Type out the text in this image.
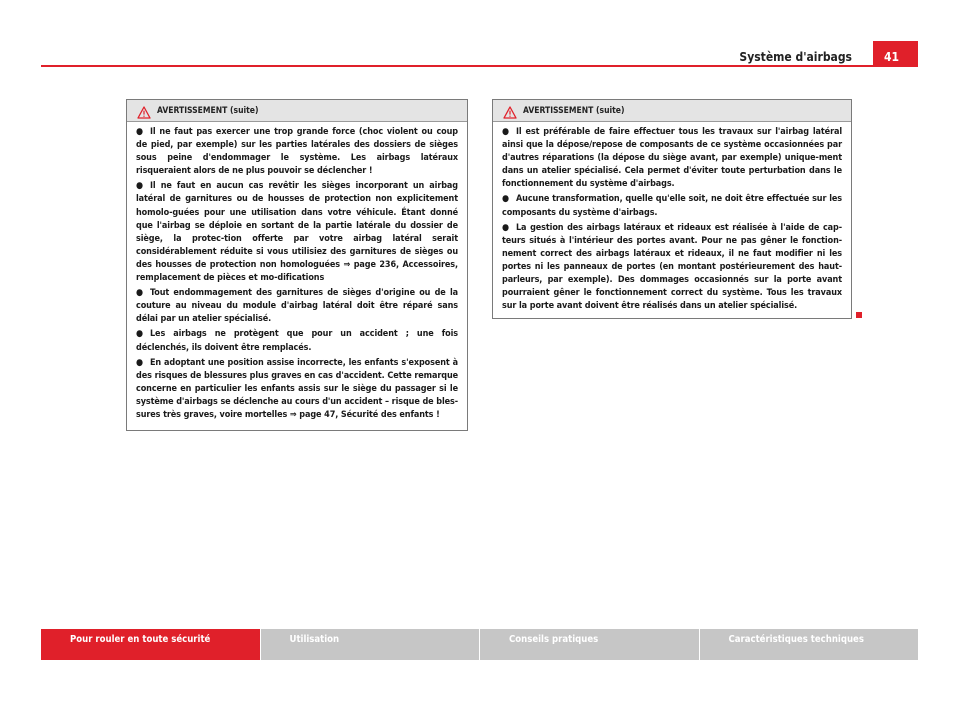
Système d'airbags	41
AVERTISSEMENT (suite)

● Il ne faut pas exercer une trop grande force (choc violent ou coup de pied, par exemple) sur les parties latérales des dossiers de sièges sous peine d'endommager le système. Les airbags latéraux risqueraient alors de ne plus pouvoir se déclencher !

● Il ne faut en aucun cas revêtir les sièges incorporant un airbag latéral de garnitures ou de housses de protection non explicitement homolo-guées pour une utilisation dans votre véhicule. Étant donné que l'airbag se déploie en sortant de la partie latérale du dossier de siège, la protec-tion offerte par votre airbag latéral serait considérablement réduite si vous utilisiez des garnitures de sièges ou des housses de protection non homologuées ⇒ page 236, Accessoires, remplacement de pièces et mo-difications

● Tout endommagement des garnitures de sièges d'origine ou de la couture au niveau du module d'airbag latéral doit être réparé sans délai par un atelier spécialisé.

● Les airbags ne protègent que pour un accident ; une fois déclenchés, ils doivent être remplacés.

● En adoptant une position assise incorrecte, les enfants s'exposent à des risques de blessures plus graves en cas d'accident. Cette remarque concerne en particulier les enfants assis sur le siège du passager si le système d'airbags se déclenche au cours d'un accident – risque de bles-sures très graves, voire mortelles ⇒ page 47, Sécurité des enfants !

AVERTISSEMENT (suite)

● Il est préférable de faire effectuer tous les travaux sur l'airbag latéral ainsi que la dépose/repose de composants de ce système occasionnées par d'autres réparations (la dépose du siège avant, par exemple) unique-ment dans un atelier spécialisé. Cela permet d'éviter toute perturbation dans le fonctionnement du système d'airbags.

● Aucune transformation, quelle qu'elle soit, ne doit être effectuée sur les composants du système d'airbags.

● La gestion des airbags latéraux et rideaux est réalisée à l'aide de cap-teurs situés à l'intérieur des portes avant. Pour ne pas gêner le fonction-nement correct des airbags latéraux et rideaux, il ne faut modifier ni les portes ni les panneaux de portes (en montant postérieurement des haut-parleurs, par exemple). Des dommages occasionnés sur la porte avant pourraient gêner le fonctionnement correct du système. Tous les travaux sur la porte avant doivent être réalisés dans un atelier spécialisé.

Pour rouler en toute sécurité	Utilisation	Conseils pratiques	Caractéristiques techniques
